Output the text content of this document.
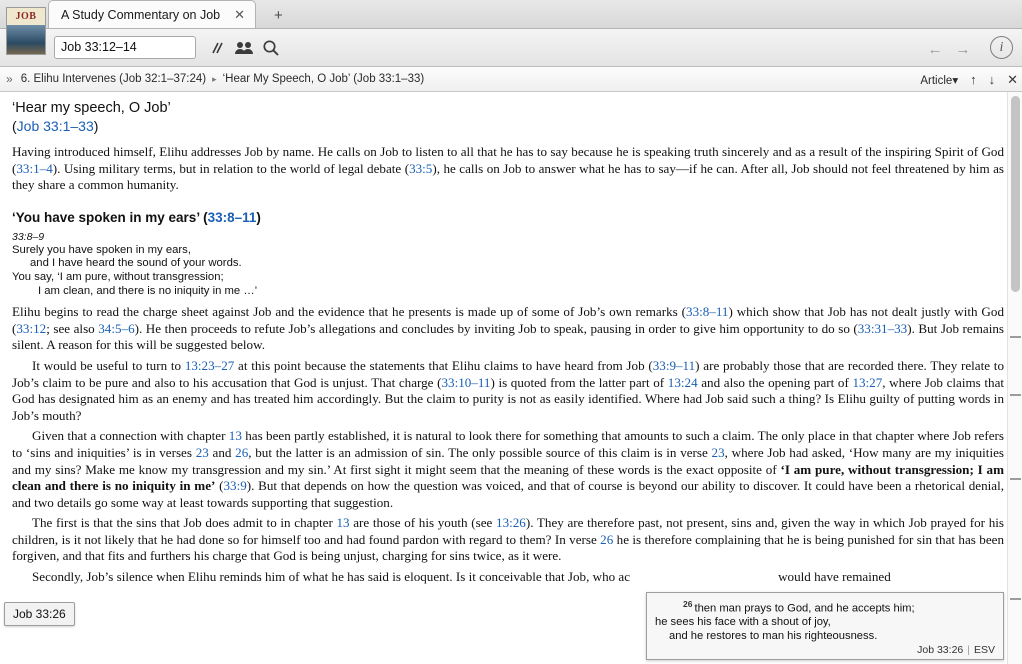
A Study Commentary on Job ✕	+
JOB
Job 33:12–14	← →	i
» 6. Elihu Intervenes (Job 32:1–37:24) ▸ ‘Hear My Speech, O Job’ (Job 33:1–33)	Article▾ ↑ ↓ ✕
‘Hear my speech, O Job’
(Job 33:1–33)

Having introduced himself, Elihu addresses Job by name. He calls on Job to listen to all that he has to say because he is speaking truth sincerely and as a result of the inspiring Spirit of God (33:1–4). Using military terms, but in relation to the world of legal debate (33:5), he calls on Job to answer what he has to say—if he can. After all, Job should not feel threatened by him as they share a common humanity.

‘You have spoken in my ears’ (33:8–11)
33:8–9
Surely you have spoken in my ears,
and I have heard the sound of your words.
You say, ‘I am pure, without transgression;
I am clean, and there is no iniquity in me …’

Elihu begins to read the charge sheet against Job and the evidence that he presents is made up of some of Job’s own remarks (33:8–11) which show that Job has not dealt justly with God (33:12; see also 34:5–6). He then proceeds to refute Job’s allegations and concludes by inviting Job to speak, pausing in order to give him opportunity to do so (33:31–33). But Job remains silent. A reason for this will be suggested below.

It would be useful to turn to 13:23–27 at this point because the statements that Elihu claims to have heard from Job (33:9–11) are probably those that are recorded there. They relate to Job’s claim to be pure and also to his accusation that God is unjust. That charge (33:10–11) is quoted from the latter part of 13:24 and also the opening part of 13:27, where Job claims that God has designated him as an enemy and has treated him accordingly. But the claim to purity is not as easily identified. Where had Job said such a thing? Is Elihu guilty of putting words in Job’s mouth?

Given that a connection with chapter 13 has been partly established, it is natural to look there for something that amounts to such a claim. The only place in that chapter where Job refers to ‘sins and iniquities’ is in verses 23 and 26, but the latter is an admission of sin. The only possible source of this claim is in verse 23, where Job had asked, ‘How many are my iniquities and my sins? Make me know my transgression and my sin.’ At first sight it might seem that the meaning of these words is the exact opposite of ‘I am pure, without transgression; I am clean and there is no iniquity in me’ (33:9). But that depends on how the question was voiced, and that of course is beyond our ability to discover. It could have been a rhetorical denial, and two details go some way at least towards supporting that suggestion.

The first is that the sins that Job does admit to in chapter 13 are those of his youth (see 13:26). They are therefore past, not present, sins and, given the way in which Job prayed for his children, is it not likely that he had done so for himself too and had found pardon with regard to them? In verse 26 he is therefore complaining that he is being punished for sin that has been forgiven, and that fits and furthers his charge that God is being unjust, charging for sins twice, as it were.

Secondly, Job’s silence when Elihu reminds him of what he has said is eloquent. Is it conceivable that Job, who ac	would have remained

Job 33:26
$^{26}$ then man prays to God, and he accepts him;
he sees his face with a shout of joy,
and he restores to man his righteousness.
Job 33:26 | ESV
